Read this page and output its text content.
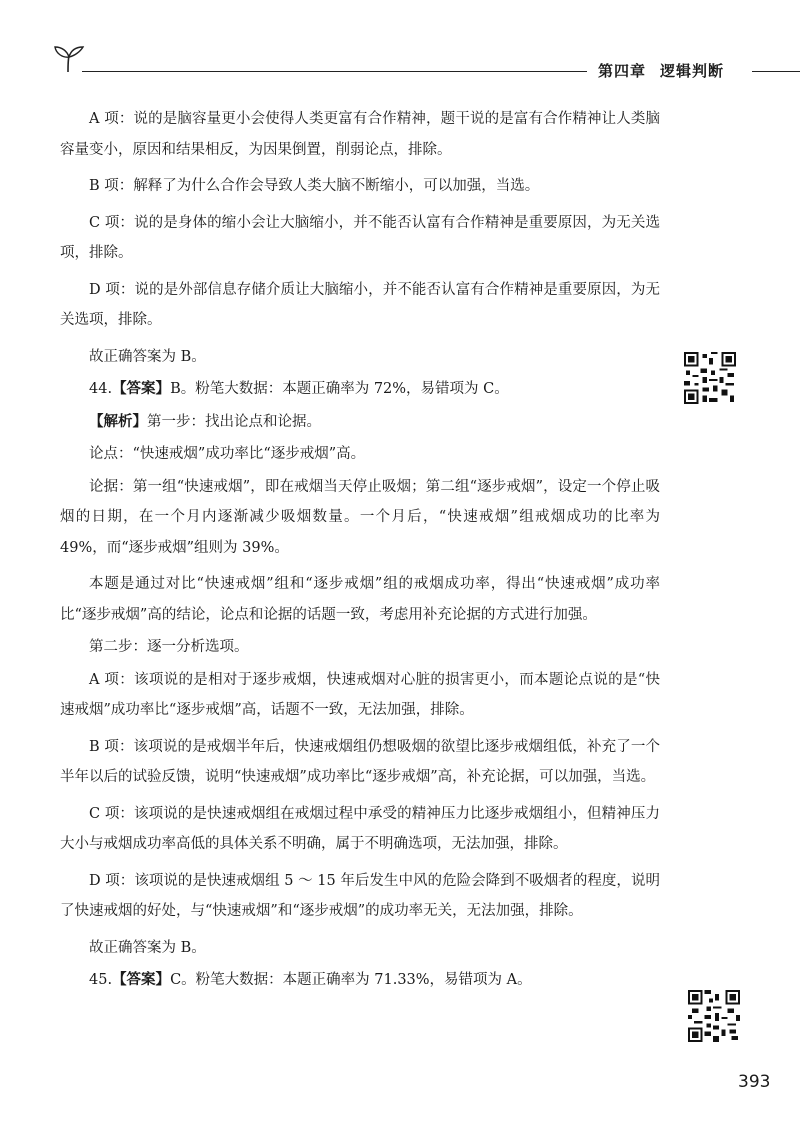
第四章 逻辑判断

A 项：说的是脑容量更小会使得人类更富有合作精神，题干说的是富有合作精神让人类脑容量变小，原因和结果相反，为因果倒置，削弱论点，排除。

B 项：解释了为什么合作会导致人类大脑不断缩小，可以加强，当选。

C 项：说的是身体的缩小会让大脑缩小，并不能否认富有合作精神是重要原因，为无关选项，排除。

D 项：说的是外部信息存储介质让大脑缩小，并不能否认富有合作精神是重要原因，为无关选项，排除。

故正确答案为 B。

44.【答案】B。粉笔大数据：本题正确率为 72%，易错项为 C。

【解析】第一步：找出论点和论据。

论点：“快速戒烟”成功率比“逐步戒烟”高。

论据：第一组“快速戒烟”，即在戒烟当天停止吸烟；第二组“逐步戒烟”，设定一个停止吸烟的日期，在一个月内逐渐减少吸烟数量。一个月后，“快速戒烟”组戒烟成功的比率为 49%，而“逐步戒烟”组则为 39%。

本题是通过对比“快速戒烟”组和“逐步戒烟”组的戒烟成功率，得出“快速戒烟”成功率比“逐步戒烟”高的结论，论点和论据的话题一致，考虑用补充论据的方式进行加强。

第二步：逐一分析选项。

A 项：该项说的是相对于逐步戒烟，快速戒烟对心脏的损害更小，而本题论点说的是“快速戒烟”成功率比“逐步戒烟”高，话题不一致，无法加强，排除。

B 项：该项说的是戒烟半年后，快速戒烟组仍想吸烟的欲望比逐步戒烟组低，补充了一个半年以后的试验反馈，说明“快速戒烟”成功率比“逐步戒烟”高，补充论据，可以加强，当选。

C 项：该项说的是快速戒烟组在戒烟过程中承受的精神压力比逐步戒烟组小，但精神压力大小与戒烟成功率高低的具体关系不明确，属于不明确选项，无法加强，排除。

D 项：该项说的是快速戒烟组 5 ～ 15 年后发生中风的危险会降到不吸烟者的程度，说明了快速戒烟的好处，与“快速戒烟”和“逐步戒烟”的成功率无关，无法加强，排除。

故正确答案为 B。

45.【答案】C。粉笔大数据：本题正确率为 71.33%，易错项为 A。

393
